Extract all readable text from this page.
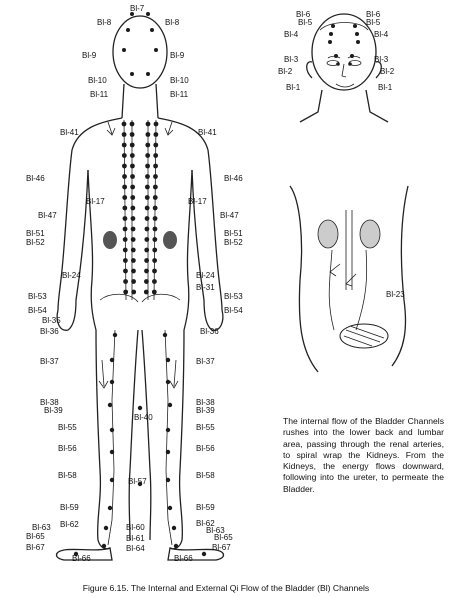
Bl-7
Bl-8	Bl-8
Bl-9	Bl-9
Bl-10	Bl-10
Bl-11	Bl-11
Bl-41	Bl-41
Bl-46	Bl-46
Bl-17	Bl-17
Bl-47	Bl-47
Bl-51	Bl-51
Bl-52	Bl-52
Bl-24	Bl-24
Bl-31
Bl-53	Bl-53
Bl-35
Bl-54	Bl-54
Bl-36	Bl-36
Bl-37	Bl-37
Bl-38	Bl-38
Bl-39	Bl-39
Bl-40
Bl-55	Bl-55
Bl-56	Bl-56
Bl-57
Bl-58	Bl-58
Bl-59	Bl-59
Bl-62	Bl-62
Bl-60
Bl-61
Bl-63	Bl-63
Bl-64
Bl-65	Bl-65
Bl-67	Bl-67
Bl-66	Bl-66
Bl-6	Bl-6
Bl-5	Bl-5
Bl-4	Bl-4
Bl-3	Bl-3
Bl-2	Bl-2
Bl-1	Bl-1
Bl-23
The internal flow of the Bladder Channels rushes into the lower back and lumbar area, passing through the renal arteries, to spiral wrap the Kidneys. From the Kidneys, the energy flows downward, following into the ureter, to permeate the Bladder.
Figure 6.15. The Internal and External Qi Flow of the Bladder (Bl) Channels
